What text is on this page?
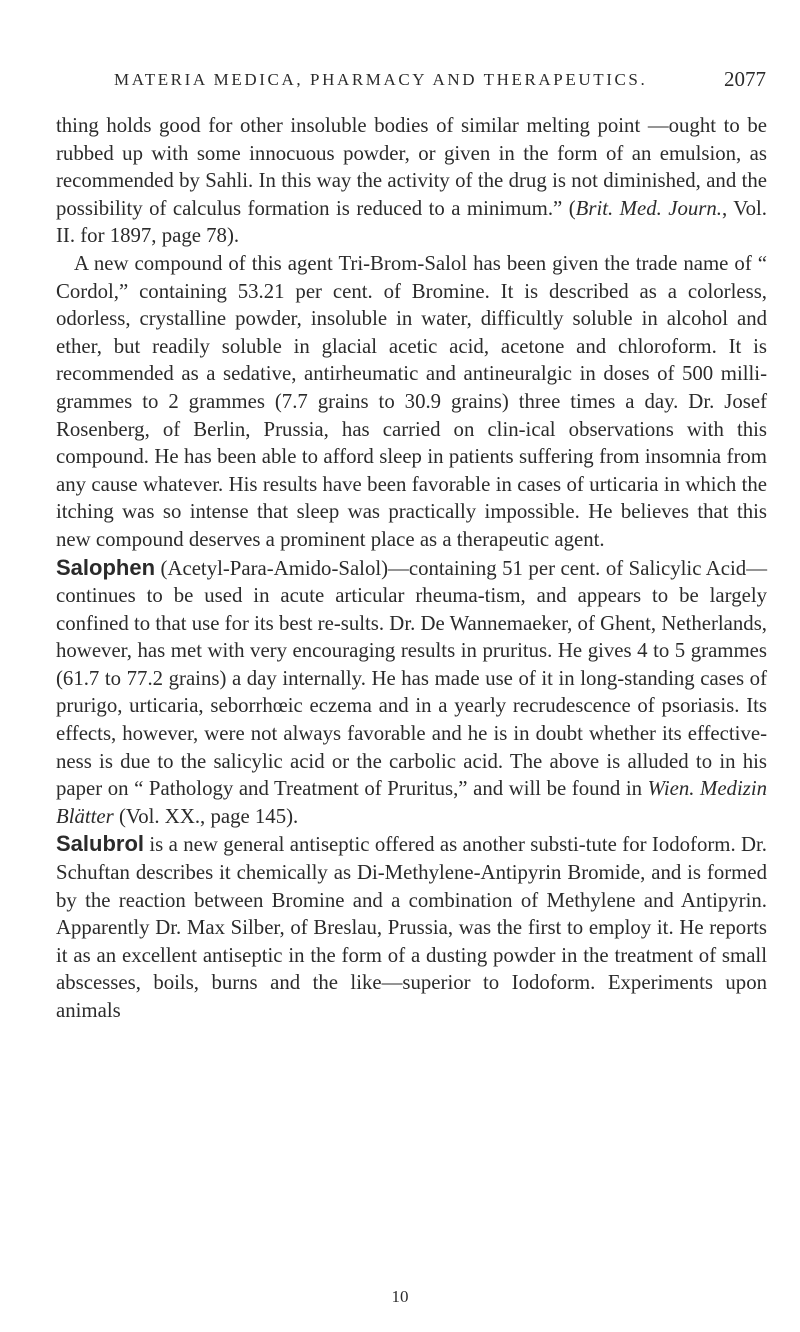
MATERIA MEDICA, PHARMACY AND THERAPEUTICS.	2077

thing holds good for other insoluble bodies of similar melting point —ought to be rubbed up with some innocuous powder, or given in the form of an emulsion, as recommended by Sahli. In this way the activity of the drug is not diminished, and the possibility of calculus formation is reduced to a minimum.” (Brit. Med. Journ., Vol. II. for 1897, page 78).

A new compound of this agent Tri-Brom-Salol has been given the trade name of “ Cordol,” containing 53.21 per cent. of Bromine. It is described as a colorless, odorless, crystalline powder, insoluble in water, difficultly soluble in alcohol and ether, but readily soluble in glacial acetic acid, acetone and chloroform. It is recommended as a sedative, antirheumatic and antineuralgic in doses of 500 milli-grammes to 2 grammes (7.7 grains to 30.9 grains) three times a day. Dr. Josef Rosenberg, of Berlin, Prussia, has carried on clin-ical observations with this compound. He has been able to afford sleep in patients suffering from insomnia from any cause whatever. His results have been favorable in cases of urticaria in which the itching was so intense that sleep was practically impossible. He believes that this new compound deserves a prominent place as a therapeutic agent.

Salophen (Acetyl-Para-Amido-Salol)—containing 51 per cent. of Salicylic Acid—continues to be used in acute articular rheuma-tism, and appears to be largely confined to that use for its best re-sults. Dr. De Wannemaeker, of Ghent, Netherlands, however, has met with very encouraging results in pruritus. He gives 4 to 5 grammes (61.7 to 77.2 grains) a day internally. He has made use of it in long-standing cases of prurigo, urticaria, seborrhœic eczema and in a yearly recrudescence of psoriasis. Its effects, however, were not always favorable and he is in doubt whether its effective-ness is due to the salicylic acid or the carbolic acid. The above is alluded to in his paper on “ Pathology and Treatment of Pruritus,” and will be found in Wien. Medizin Blätter (Vol. XX., page 145).

Salubrol is a new general antiseptic offered as another substi-tute for Iodoform. Dr. Schuftan describes it chemically as Di-Methylene-Antipyrin Bromide, and is formed by the reaction between Bromine and a combination of Methylene and Antipyrin. Apparently Dr. Max Silber, of Breslau, Prussia, was the first to employ it. He reports it as an excellent antiseptic in the form of a dusting powder in the treatment of small abscesses, boils, burns and the like—superior to Iodoform. Experiments upon animals

10
